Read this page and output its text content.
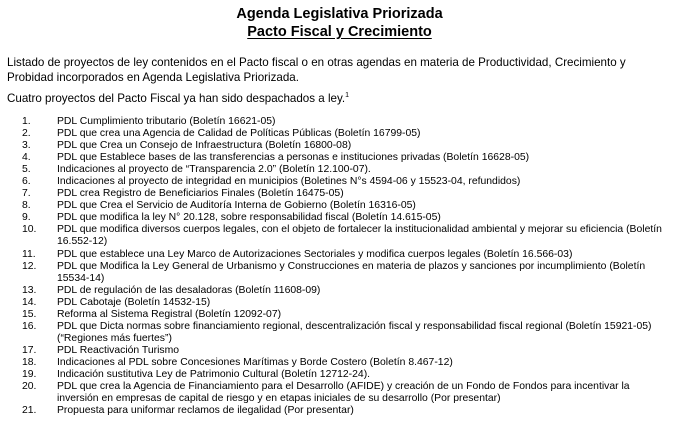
Agenda Legislativa Priorizada
Pacto Fiscal y Crecimiento
Listado de proyectos de ley contenidos en el Pacto fiscal o en otras agendas en materia de Productividad, Crecimiento y Probidad incorporados en Agenda Legislativa Priorizada.
Cuatro proyectos del Pacto Fiscal ya han sido despachados a ley.$^1$
1.	PDL Cumplimiento tributario (Boletín 16621-05)
2.	PDL que crea una Agencia de Calidad de Políticas Públicas (Boletín 16799-05)
3.	PDL que Crea un Consejo de Infraestructura (Boletín 16800-08)
4.	PDL que Establece bases de las transferencias a personas e instituciones privadas (Boletín 16628-05)
5.	Indicaciones al proyecto de “Transparencia 2.0” (Boletín 12.100-07).
6.	Indicaciones al proyecto de integridad en municipios (Boletines N°s 4594-06 y 15523-04, refundidos)
7.	PDL crea Registro de Beneficiarios Finales (Boletín 16475-05)
8.	PDL que Crea el Servicio de Auditoría Interna de Gobierno (Boletín 16316-05)
9.	PDL que modifica la ley N° 20.128, sobre responsabilidad fiscal (Boletín 14.615-05)
10. PDL que modifica diversos cuerpos legales, con el objeto de fortalecer la institucionalidad ambiental y mejorar su eficiencia (Boletín 16.552-12)
11. PDL que establece una Ley Marco de Autorizaciones Sectoriales y modifica cuerpos legales (Boletín 16.566-03)
12. PDL que Modifica la Ley General de Urbanismo y Construcciones en materia de plazos y sanciones por incumplimiento (Boletín 15534-14)
13. PDL de regulación de las desaladoras (Boletín 11608-09)
14. PDL Cabotaje (Boletín 14532-15)
15. Reforma al Sistema Registral (Boletín 12092-07)
16. PDL que Dicta normas sobre financiamiento regional, descentralización fiscal y responsabilidad fiscal regional (Boletín 15921-05) (“Regiones más fuertes”)
17. PDL Reactivación Turismo
18. Indicaciones al PDL sobre Concesiones Marítimas y Borde Costero (Boletín 8.467-12)
19. Indicación sustitutiva Ley de Patrimonio Cultural (Boletín 12712-24).
20. PDL que crea la Agencia de Financiamiento para el Desarrollo (AFIDE) y creación de un Fondo de Fondos para incentivar la inversión en empresas de capital de riesgo y en etapas iniciales de su desarrollo (Por presentar)
21. Propuesta para uniformar reclamos de ilegalidad (Por presentar)
